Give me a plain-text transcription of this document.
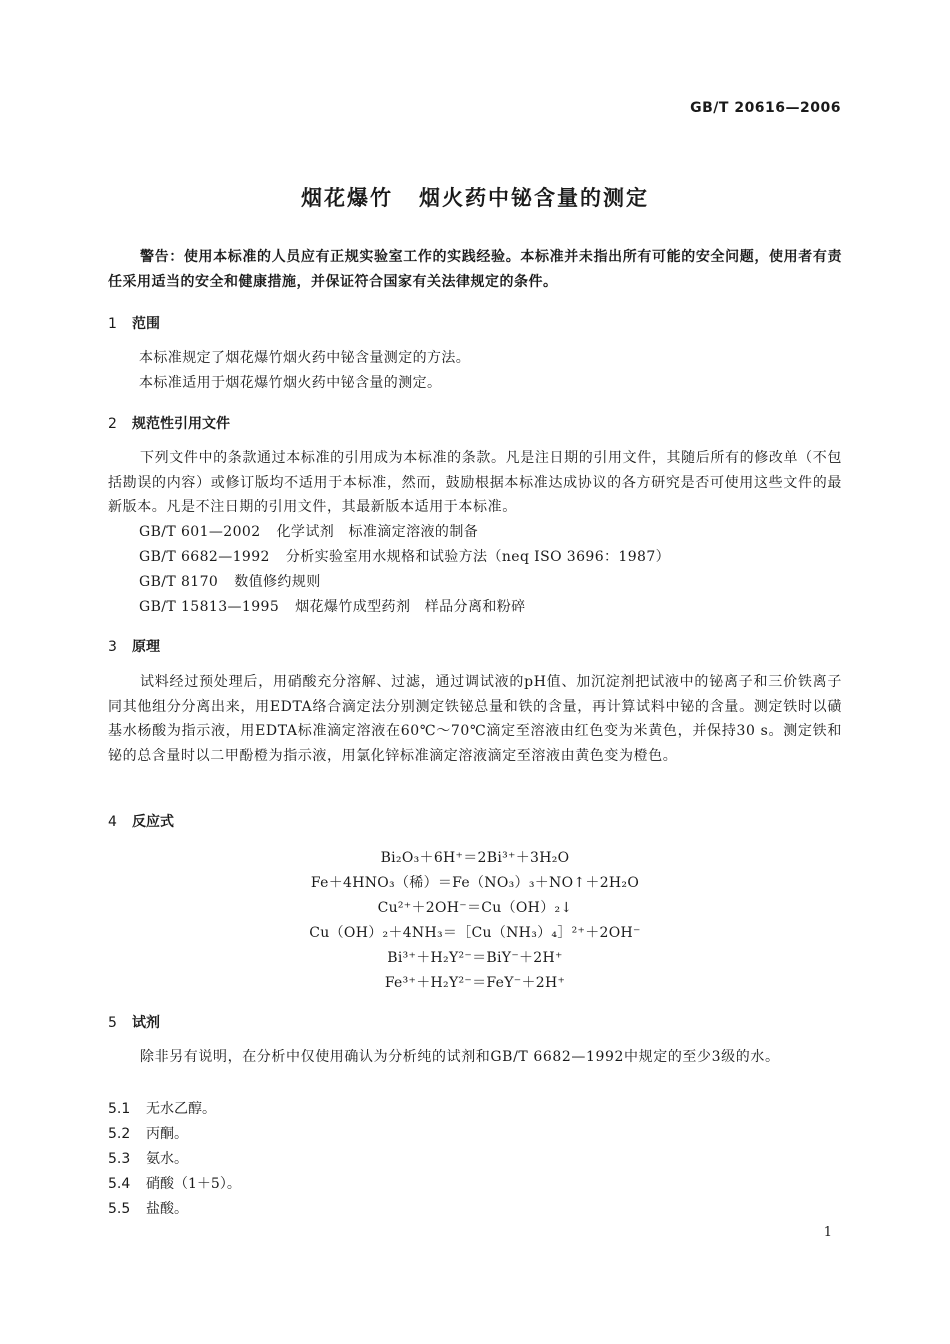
GB/T 20616—2006
烟花爆竹 烟火药中铋含量的测定
警告：使用本标准的人员应有正规实验室工作的实践经验。本标准并未指出所有可能的安全问题，使用者有责任采用适当的安全和健康措施，并保证符合国家有关法律规定的条件。
1 范围
本标准规定了烟花爆竹烟火药中铋含量测定的方法。
本标准适用于烟花爆竹烟火药中铋含量的测定。
2 规范性引用文件
下列文件中的条款通过本标准的引用成为本标准的条款。凡是注日期的引用文件，其随后所有的修改单（不包括勘误的内容）或修订版均不适用于本标准，然而，鼓励根据本标准达成协议的各方研究是否可使用这些文件的最新版本。凡是不注日期的引用文件，其最新版本适用于本标准。
GB/T 601—2002 化学试剂　标准滴定溶液的制备
GB/T 6682—1992 分析实验室用水规格和试验方法（neq ISO 3696：1987）
GB/T 8170 数值修约规则
GB/T 15813—1995 烟花爆竹成型药剂　样品分离和粉碎
3 原理
试料经过预处理后，用硝酸充分溶解、过滤，通过调试液的pH值、加沉淀剂把试液中的铋离子和三价铁离子同其他组分分离出来，用EDTA络合滴定法分别测定铁铋总量和铁的含量，再计算试料中铋的含量。测定铁时以磺基水杨酸为指示液，用EDTA标准滴定溶液在60℃～70℃滴定至溶液由红色变为米黄色，并保持30 s。测定铁和铋的总含量时以二甲酚橙为指示液，用氯化锌标准滴定溶液滴定至溶液由黄色变为橙色。
4 反应式
Bi₂O₃＋6H⁺＝2Bi³⁺＋3H₂O
Fe＋4HNO₃（稀）＝Fe（NO₃）₃＋NO↑＋2H₂O
Cu²⁺＋2OH⁻＝Cu（OH）₂↓
Cu（OH）₂＋4NH₃＝［Cu（NH₃）₄］²⁺＋2OH⁻
Bi³⁺＋H₂Y²⁻＝BiY⁻＋2H⁺
Fe³⁺＋H₂Y²⁻＝FeY⁻＋2H⁺
5 试剂
除非另有说明，在分析中仅使用确认为分析纯的试剂和GB/T 6682—1992中规定的至少3级的水。
5.1 无水乙醇。
5.2 丙酮。
5.3 氨水。
5.4 硝酸（1＋5）。
5.5 盐酸。
1
